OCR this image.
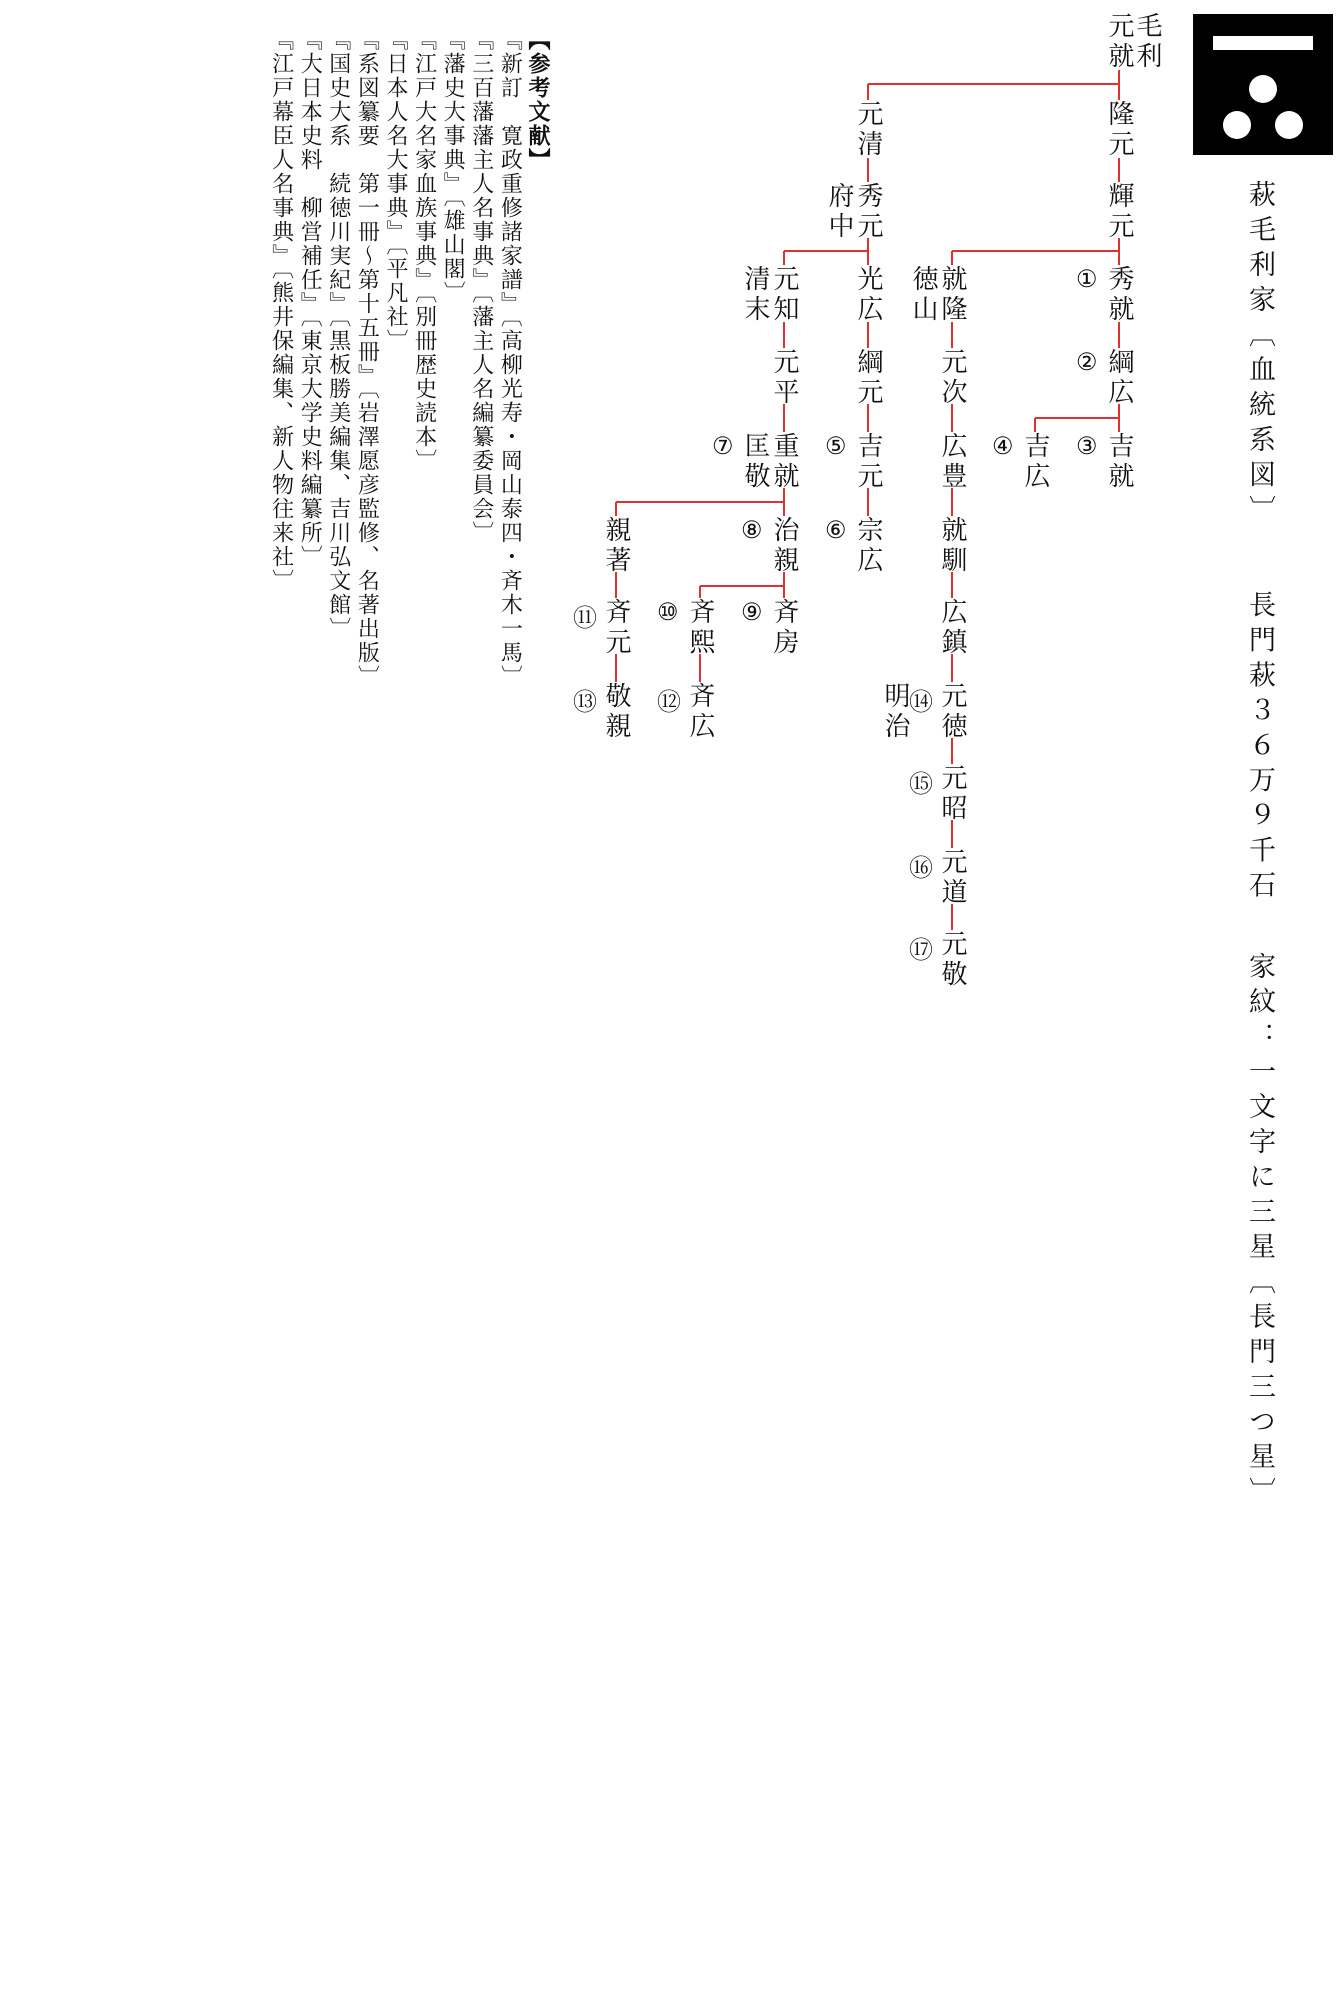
萩毛利家〔血統系図〕 長門萩３６万９千石 家紋：一文字に三星〔長門三つ星〕
毛利
元就
隆元
輝元
秀就
①
綱広
②
吉就
③
吉広
④
就隆
徳山
元次
広豊
就馴
広鎮
元徳
⑭
明治
元昭
⑮
元道
⑯
元敬
⑰
元清
秀元
府中
光広
綱元
吉元
⑤
宗広
⑥
元知
清末
元平
重就
匡敬
⑦
治親
⑧
斉房
⑨
斉熙
⑩
斉広
⑫
親著
斉元
⑪
敬親
⑬
【参考文献】
『新訂　寛政重修諸家譜』〔高柳光寿・岡山泰四・斉木一馬〕
『三百藩藩主人名事典』〔藩主人名編纂委員会〕
『藩史大事典』〔雄山閣〕
『江戸大名家血族事典』〔別冊歴史読本〕
『日本人名大事典』〔平凡社〕
『系図纂要　第一冊～第十五冊』〔岩澤愿彦監修、名著出版〕
『国史大系　続徳川実紀』〔黒板勝美編集、吉川弘文館〕
『大日本史料　柳営補任』〔東京大学史料編纂所〕
『江戸幕臣人名事典』〔熊井保編集、新人物往来社〕
